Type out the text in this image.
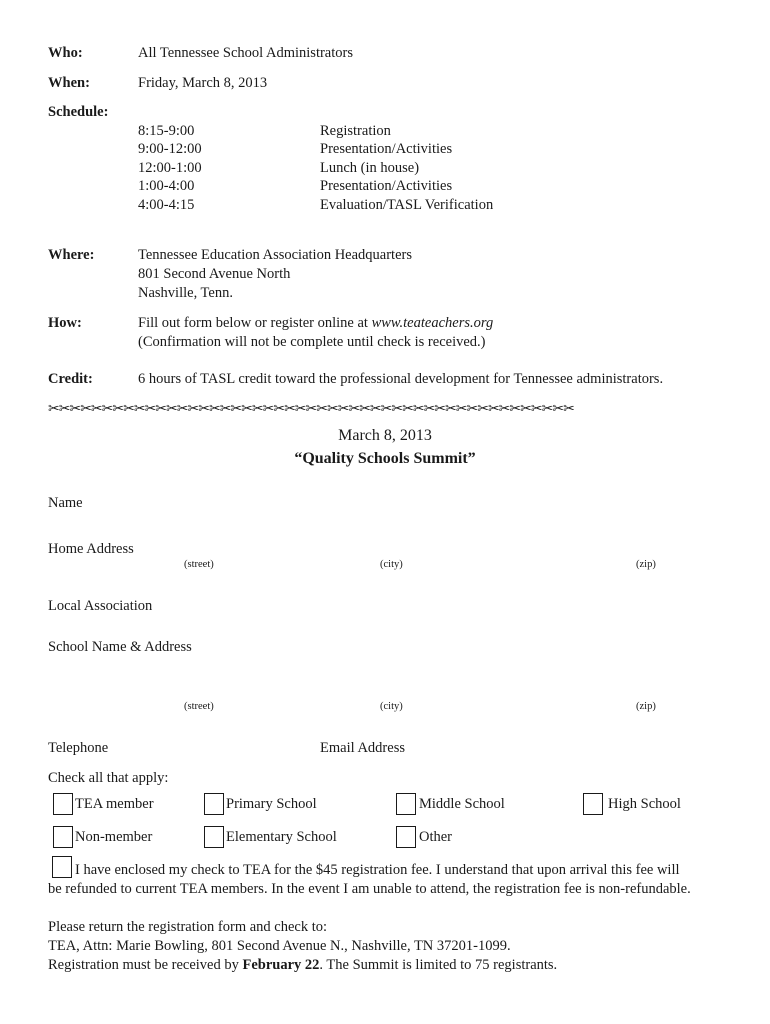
Who:	All Tennessee School Administrators
When:	Friday, March 8, 2013
Schedule:
8:15-9:00	Registration
9:00-12:00	Presentation/Activities
12:00-1:00	Lunch (in house)
1:00-4:00	Presentation/Activities
4:00-4:15	Evaluation/TASL Verification
Where:	Tennessee Education Association Headquarters
801 Second Avenue North
Nashville, Tenn.
How:	Fill out form below or register online at www.teateachers.org
(Confirmation will not be complete until check is received.)
Credit:	6 hours of TASL credit toward the professional development for Tennessee administrators.
✂✂✂✂✂✂✂✂✂✂✂✂✂✂✂✂✂✂✂✂✂✂✂✂✂✂✂✂✂✂✂✂✂✂✂✂✂✂✂✂✂✂✂✂✂✂✂✂✂
March 8, 2013
“Quality Schools Summit”
Name
Home Address
(street)	(city)	(zip)
Local Association
School Name & Address
(street)	(city)	(zip)
Telephone	Email Address
Check all that apply:
TEA member	Primary School	Middle School	High School
Non-member	Elementary School	Other
I have enclosed my check to TEA for the $45 registration fee. I understand that upon arrival this fee will
be refunded to current TEA members. In the event I am unable to attend, the registration fee is non-refundable.
Please return the registration form and check to:
TEA, Attn: Marie Bowling, 801 Second Avenue N., Nashville, TN 37201-1099.
Registration must be received by February 22. The Summit is limited to 75 registrants.
